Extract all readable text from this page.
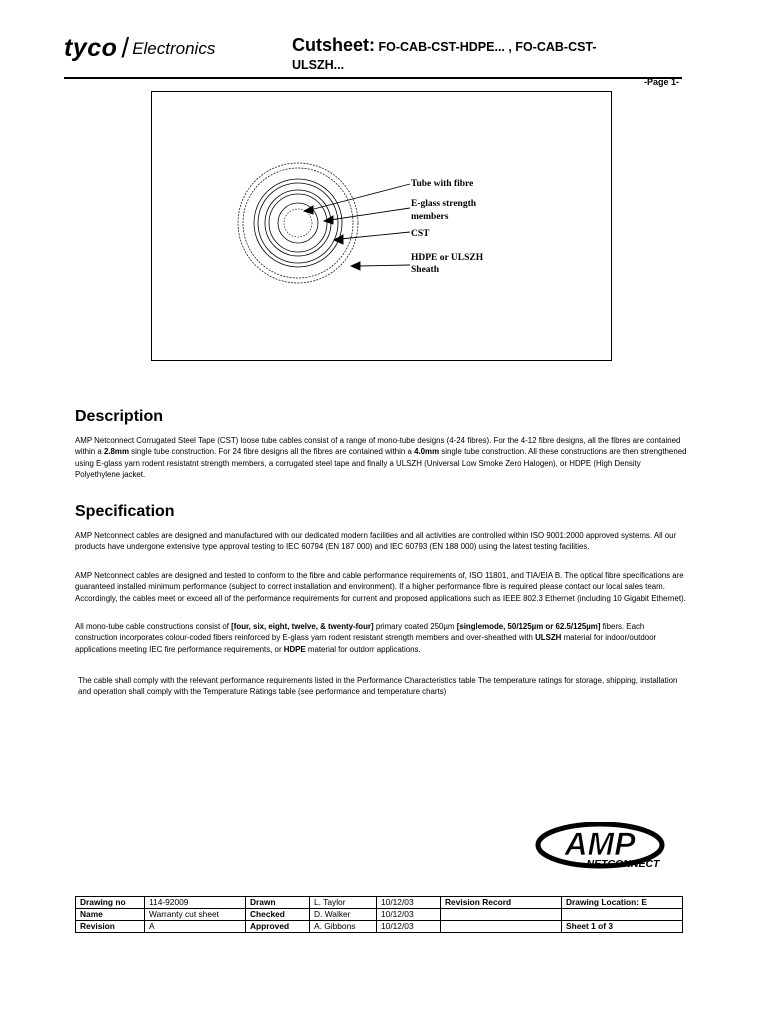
tyco / Electronics	Cutsheet: FO-CAB-CST-HDPE... , FO-CAB-CST-
ULSZH...
-Page 1-
Tube with fibre
E-glass strength
members
CST
HDPE or ULSZH
Sheath
Description
AMP Netconnect Corrugated Steel Tape (CST) loose tube cables consist of a range of mono-tube designs (4-24 fibres). For the 4-12 fibre designs, all the fibres are contained within a 2.8mm single tube construction. For 24 fibre designs all the fibres are contained within a 4.0mm single tube construction. All these constructions are then strengthened using E-glass yarn rodent resistatnt strength members, a corrugated steel tape and finally a ULSZH (Universal Low Smoke Zero Halogen), or HDPE (High Density Polyethylene jacket.
Specification
AMP Netconnect cables are designed and manufactured with our dedicated modern facilities and all activities are controlled within ISO 9001:2000 approved systems. All our products have undergone extensive type approval testing to IEC 60794 (EN 187 000) and IEC 60793 (EN 188 000) using the latest testing facilities.
AMP Netconnect cables are designed and tested to conform to the fibre and cable performance requirements of, ISO 11801, and TIA/EIA B. The optical fibre specifications are guaranteed installed minimum performance (subject to correct installation and environment). If a higher performance fibre is required please contact our local sales team. Accordingly, the cables meet or exceed all of the performance requirements for current and proposed applications such as IEEE 802.3 Ethernet (including 10 Gigabit Ethernet).
All mono-tube cable constructions consist of [four, six, eight, twelve, & twenty-four] primary coated 250µm [singlemode, 50/125µm or 62.5/125µm] fibers. Each construction incorporates colour-coded fibers reinforced by E-glass yarn rodent resistant strength members and over-sheathed with ULSZH material for indoor/outdoor applications meeting IEC fire performance requirements, or HDPE material for outdorr applications.
The cable shall comply with the relevant performance requirements listed in the Performance Characteristics table The temperature ratings for storage, shipping, installation and operation shall comply with the Temperature Ratings table (see performance and temperature charts)
AMP
NETCONNECT
Drawing no	114-92009	Drawn	L. Taylor	10/12/03	Revision Record	Drawing Location: E
Name	Warranty cut sheet	Checked	D. Walker	10/12/03		
Revision	A	Approved	A. Gibbons	10/12/03		Sheet 1 of 3
